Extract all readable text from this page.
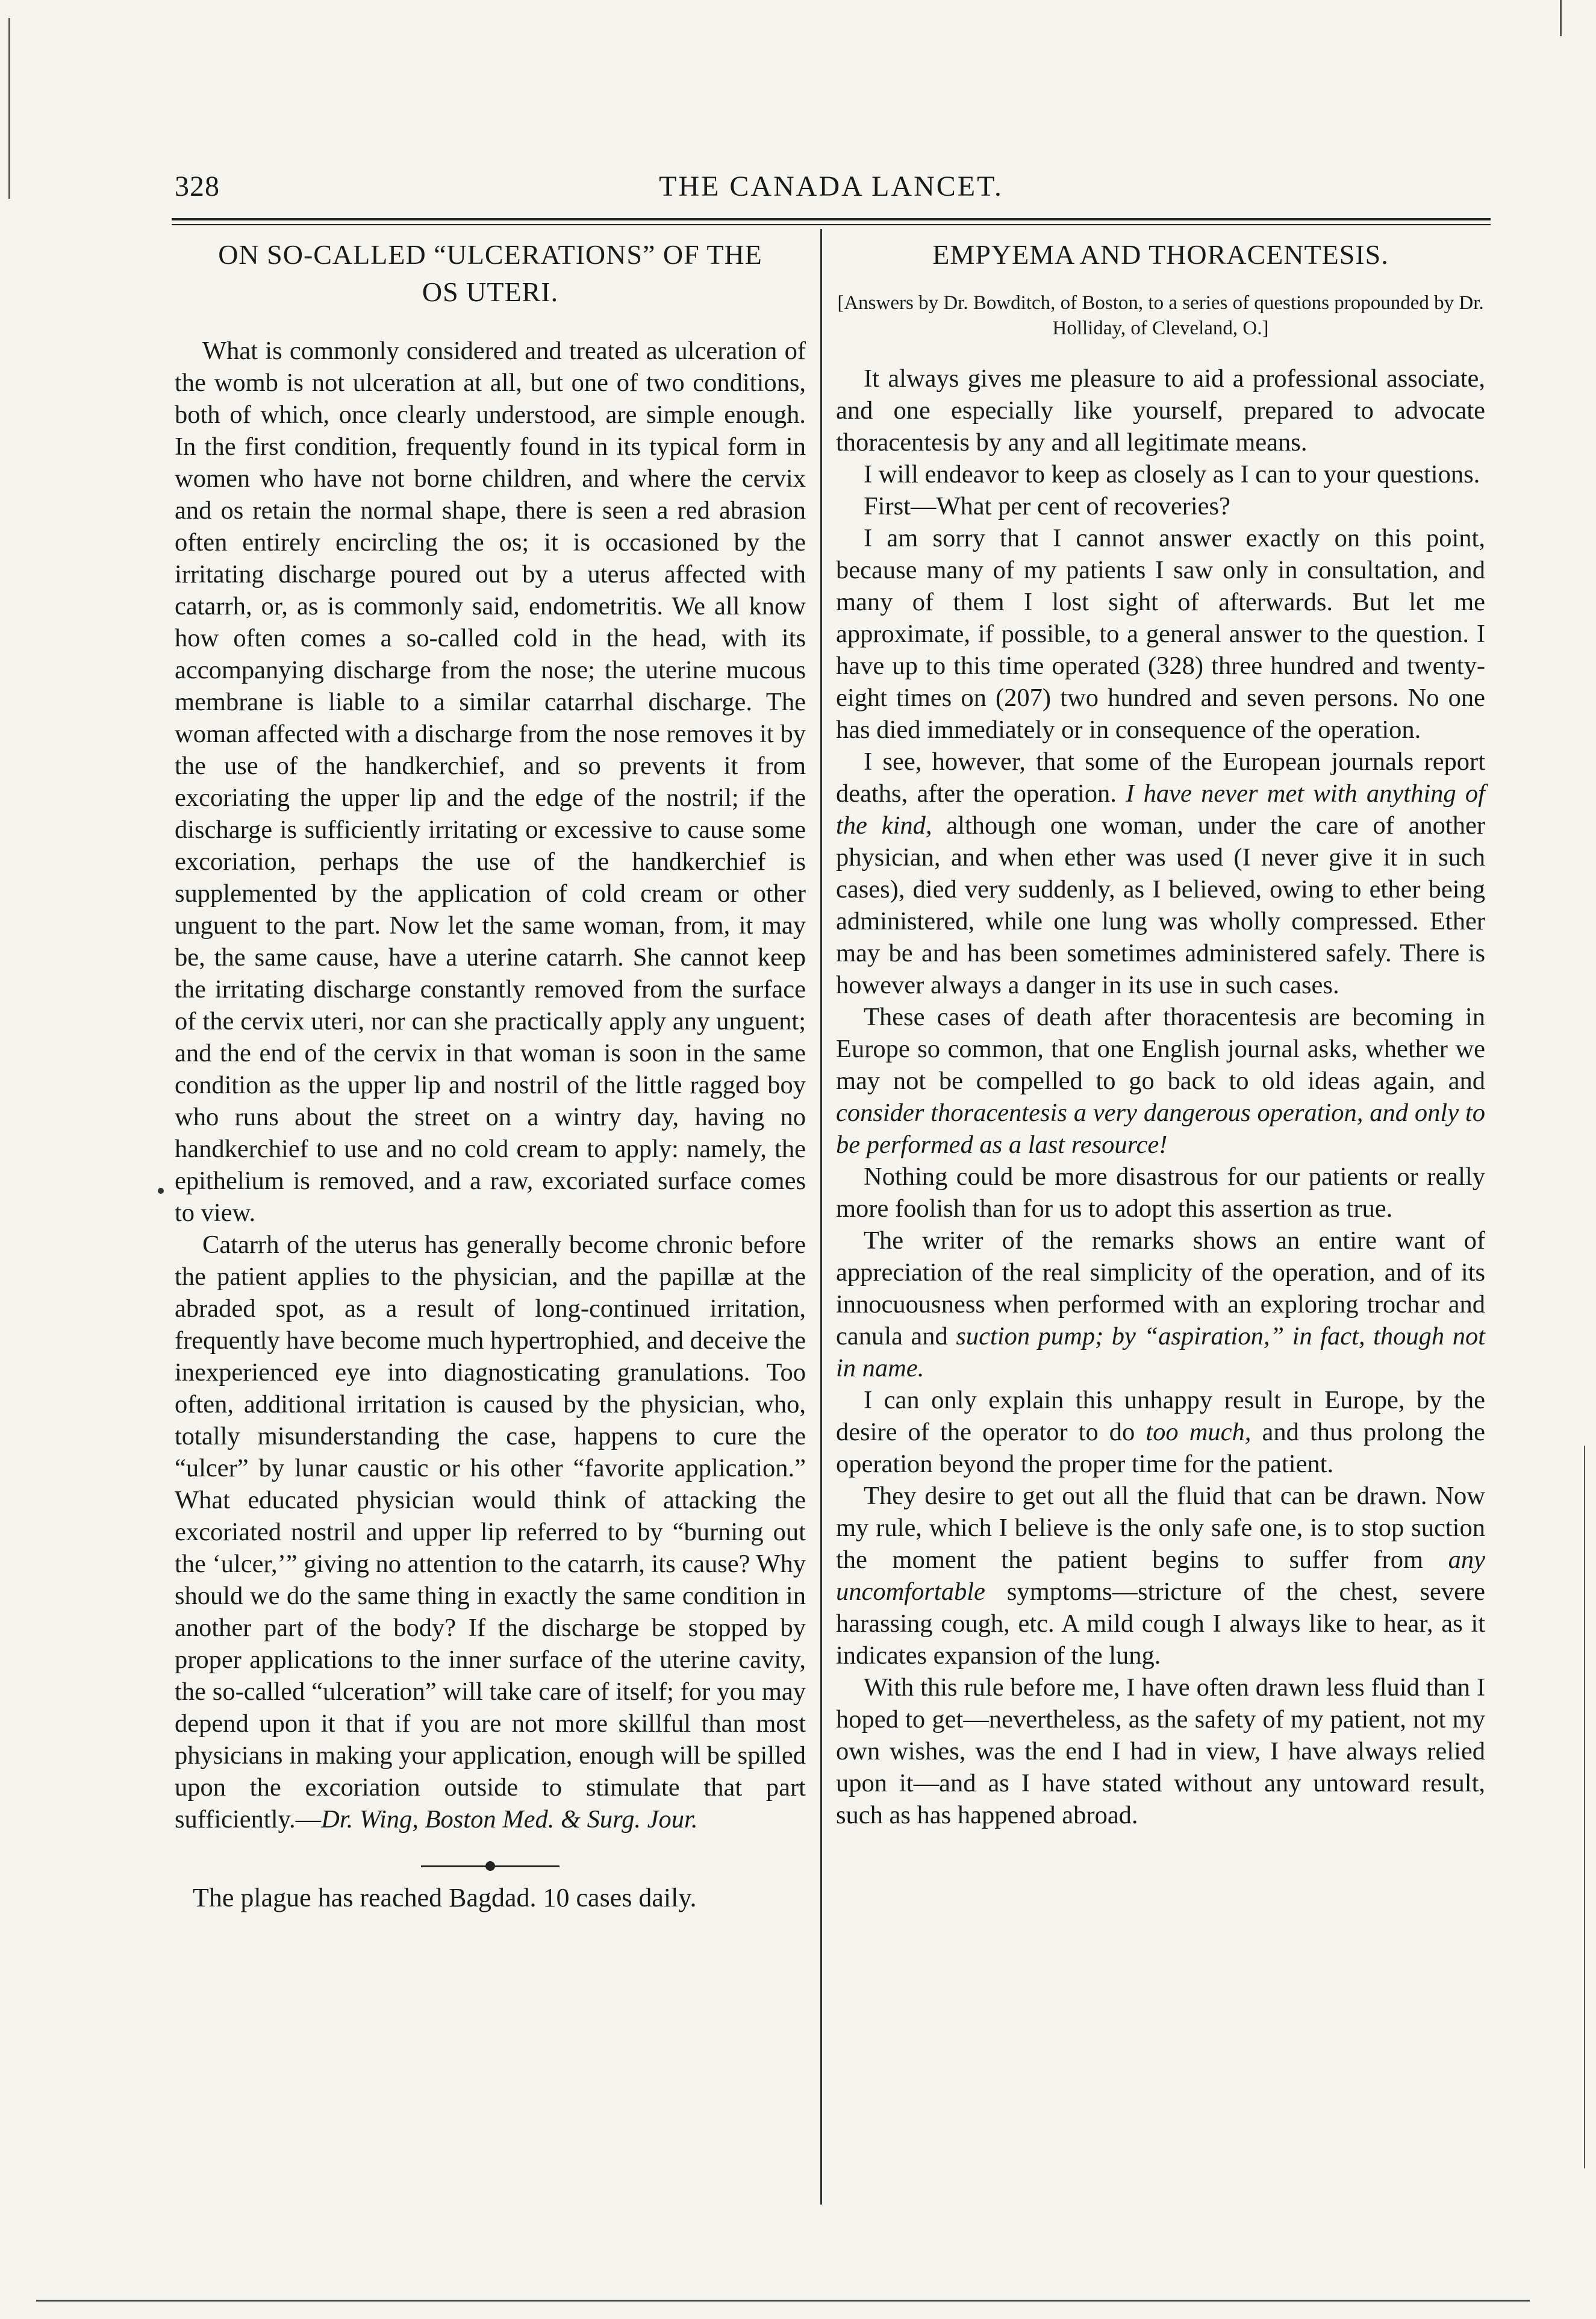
328	THE CANADA LANCET.
ON SO-CALLED “ULCERATIONS” OF THE
OS UTERI.

What is commonly considered and treated as ulceration of the womb is not ulceration at all, but one of two conditions, both of which, once clearly understood, are simple enough. In the first condition, frequently found in its typical form in women who have not borne children, and where the cervix and os retain the normal shape, there is seen a red abrasion often entirely encircling the os; it is occasioned by the irritating discharge poured out by a uterus affected with catarrh, or, as is commonly said, endometritis. We all know how often comes a so-called cold in the head, with its accompanying discharge from the nose; the uterine mucous membrane is liable to a similar catarrhal discharge. The woman affected with a discharge from the nose removes it by the use of the handkerchief, and so prevents it from excoriating the upper lip and the edge of the nostril; if the discharge is sufficiently irritating or excessive to cause some excoriation, perhaps the use of the handkerchief is supplemented by the application of cold cream or other unguent to the part. Now let the same woman, from, it may be, the same cause, have a uterine catarrh. She cannot keep the irritating discharge constantly removed from the surface of the cervix uteri, nor can she practically apply any unguent; and the end of the cervix in that woman is soon in the same condition as the upper lip and nostril of the little ragged boy who runs about the street on a wintry day, having no handkerchief to use and no cold cream to apply: namely, the epithelium is removed, and a raw, excoriated surface comes to view.

Catarrh of the uterus has generally become chronic before the patient applies to the physician, and the papillæ at the abraded spot, as a result of long-continued irritation, frequently have become much hypertrophied, and deceive the inexperienced eye into diagnosticating granulations. Too often, additional irritation is caused by the physician, who, totally misunderstanding the case, happens to cure the “ulcer” by lunar caustic or his other “favorite application.” What educated physician would think of attacking the excoriated nostril and upper lip referred to by “burning out the ‘ulcer,’” giving no attention to the catarrh, its cause? Why should we do the same thing in exactly the same condition in another part of the body? If the discharge be stopped by proper applications to the inner surface of the uterine cavity, the so-called “ulceration” will take care of itself; for you may depend upon it that if you are not more skillful than most physicians in making your application, enough will be spilled upon the excoriation outside to stimulate that part sufficiently.—Dr. Wing, Boston Med. & Surg. Jour.

The plague has reached Bagdad. 10 cases daily.

EMPYEMA AND THORACENTESIS.
[Answers by Dr. Bowditch, of Boston, to a series of questions propounded by Dr. Holliday, of Cleveland, O.]

It always gives me pleasure to aid a professional associate, and one especially like yourself, prepared to advocate thoracentesis by any and all legitimate means.

I will endeavor to keep as closely as I can to your questions.

First—What per cent of recoveries?

I am sorry that I cannot answer exactly on this point, because many of my patients I saw only in consultation, and many of them I lost sight of afterwards. But let me approximate, if possible, to a general answer to the question. I have up to this time operated (328) three hundred and twenty-eight times on (207) two hundred and seven persons. No one has died immediately or in consequence of the operation.

I see, however, that some of the European journals report deaths, after the operation. I have never met with anything of the kind, although one woman, under the care of another physician, and when ether was used (I never give it in such cases), died very suddenly, as I believed, owing to ether being administered, while one lung was wholly compressed. Ether may be and has been sometimes administered safely. There is however always a danger in its use in such cases.

These cases of death after thoracentesis are becoming in Europe so common, that one English journal asks, whether we may not be compelled to go back to old ideas again, and consider thoracentesis a very dangerous operation, and only to be performed as a last resource!

Nothing could be more disastrous for our patients or really more foolish than for us to adopt this assertion as true.

The writer of the remarks shows an entire want of appreciation of the real simplicity of the operation, and of its innocuousness when performed with an exploring trochar and canula and suction pump; by “aspiration,” in fact, though not in name.

I can only explain this unhappy result in Europe, by the desire of the operator to do too much, and thus prolong the operation beyond the proper time for the patient.

They desire to get out all the fluid that can be drawn. Now my rule, which I believe is the only safe one, is to stop suction the moment the patient begins to suffer from any uncomfortable symptoms—stricture of the chest, severe harassing cough, etc. A mild cough I always like to hear, as it indicates expansion of the lung.

With this rule before me, I have often drawn less fluid than I hoped to get—nevertheless, as the safety of my patient, not my own wishes, was the end I had in view, I have always relied upon it—and as I have stated without any untoward result, such as has happened abroad.
